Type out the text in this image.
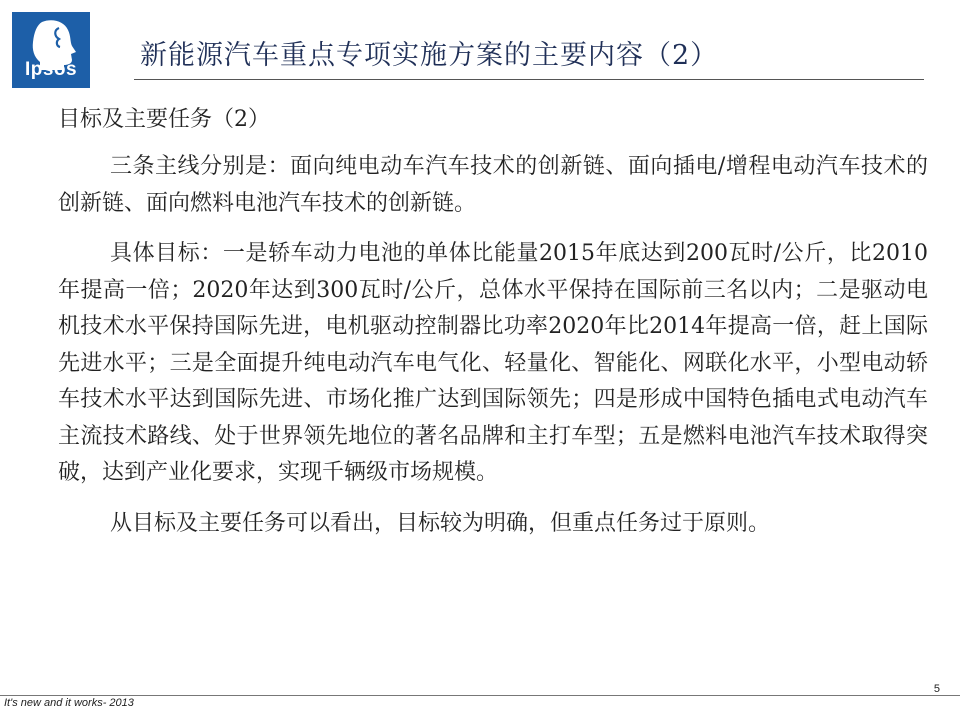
Ipsos	新能源汽车重点专项实施方案的主要内容（2）
目标及主要任务（2）

三条主线分别是：面向纯电动车汽车技术的创新链、面向插电/增程电动汽车技术的创新链、面向燃料电池汽车技术的创新链。

具体目标：一是轿车动力电池的单体比能量2015年底达到200瓦时/公斤，比2010年提高一倍；2020年达到300瓦时/公斤，总体水平保持在国际前三名以内；二是驱动电机技术水平保持国际先进，电机驱动控制器比功率2020年比2014年提高一倍，赶上国际先进水平；三是全面提升纯电动汽车电气化、轻量化、智能化、网联化水平，小型电动轿车技术水平达到国际先进、市场化推广达到国际领先；四是形成中国特色插电式电动汽车主流技术路线、处于世界领先地位的著名品牌和主打车型；五是燃料电池汽车技术取得突破，达到产业化要求，实现千辆级市场规模。

从目标及主要任务可以看出，目标较为明确，但重点任务过于原则。

5
It's new and it works- 2013
